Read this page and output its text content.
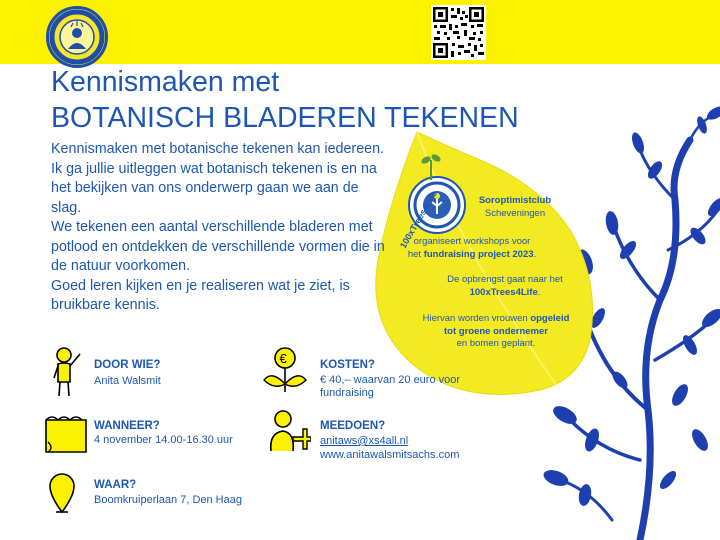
Kennismaken met
BOTANISCH BLADEREN TEKENEN

Kennismaken met botanische tekenen kan iedereen. Ik ga jullie uitleggen wat botanisch tekenen is en na het bekijken van ons onderwerp gaan we aan de slag.

We tekenen een aantal verschillende bladeren met potlood en ontdekken de verschillende vormen die in de natuur voorkomen.

Goed leren kijken en je realiseren wat je ziet, is bruikbare kennis.

100xTrees4Life	Soroptimistclub
Scheveningen
organiseert workshops voor
het fundraising project 2023.
De opbrengst gaat naar het
100xTrees4Life.
Hiervan worden vrouwen opgeleid
tot groene ondernemer
en bomen geplant.
DOOR WIE?
Anita Walsmit
WANNEER?
4 november 14.00-16.30 uur
WAAR?
Boomkruiperlaan 7, Den Haag
€	KOSTEN?
€ 40,– waarvan 20 euro voor
fundraising
MEEDOEN?
anitaws@xs4all.nl
www.anitawalsmitsachs.com
